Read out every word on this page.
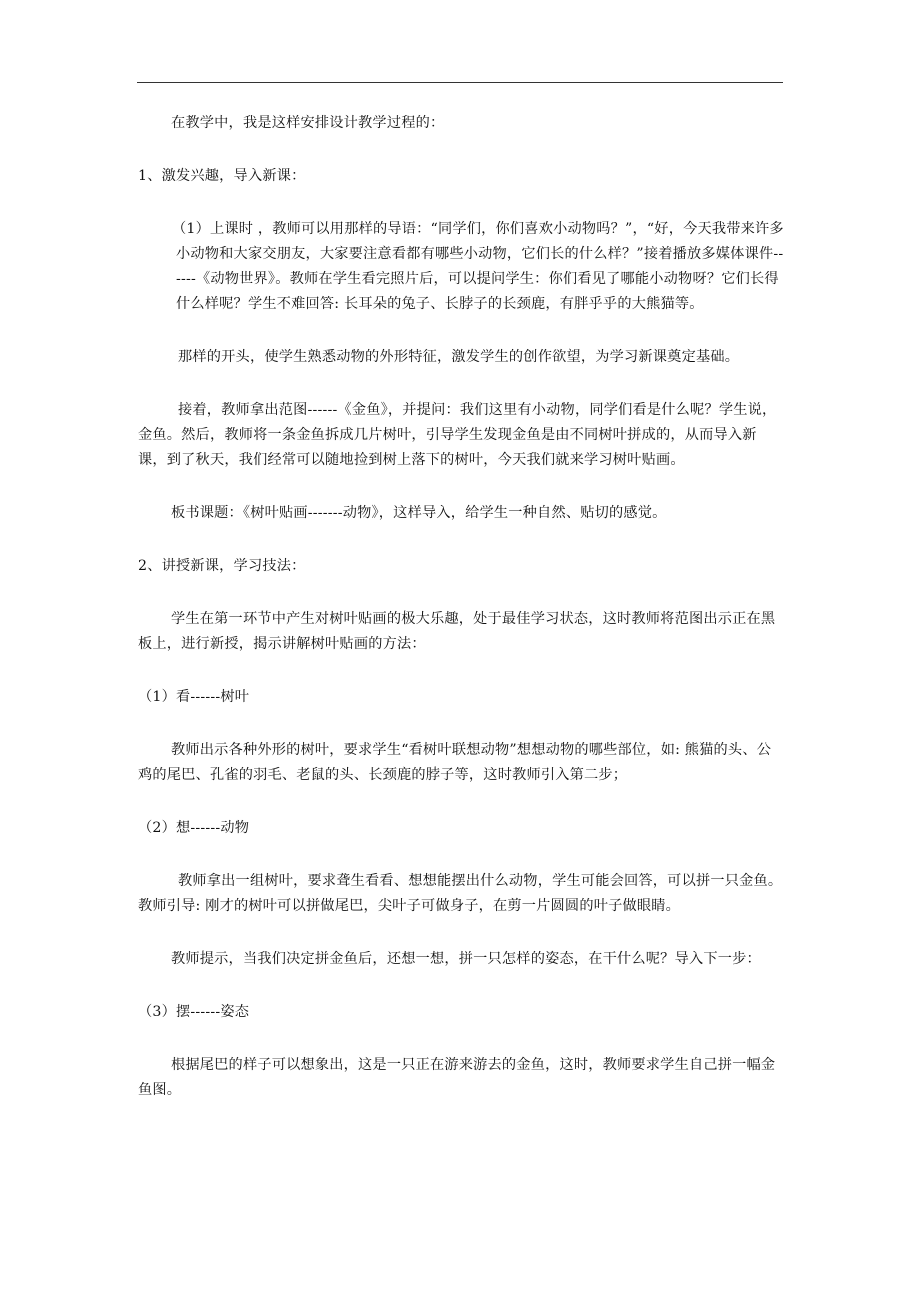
在教学中，我是这样安排设计教学过程的：

1、激发兴趣，导入新课：

（1）上课时 ，教师可以用那样的导语：“同学们，你们喜欢小动物吗？”，“好，今天我带来许多小动物和大家交朋友，大家要注意看都有哪些小动物，它们长的什么样？”接着播放多媒体课件------《动物世界》。教师在学生看完照片后，可以提问学生：你们看见了哪能小动物呀？它们长得什么样呢？学生不难回答: 长耳朵的兔子、长脖子的长颈鹿，有胖乎乎的大熊猫等。

那样的开头，使学生熟悉动物的外形特征，激发学生的创作欲望，为学习新课奠定基础。

接着，教师拿出范图------《金鱼》，并提问：我们这里有小动物，同学们看是什么呢？学生说，金鱼。然后，教师将一条金鱼拆成几片树叶，引导学生发现金鱼是由不同树叶拼成的，从而导入新课，到了秋天，我们经常可以随地捡到树上落下的树叶，今天我们就来学习树叶贴画。

板书课题：《树叶贴画-------动物》，这样导入，给学生一种自然、贴切的感觉。

2、讲授新课，学习技法：

学生在第一环节中产生对树叶贴画的极大乐趣，处于最佳学习状态，这时教师将范图出示正在黑板上，进行新授，揭示讲解树叶贴画的方法：

（1）看------树叶

教师出示各种外形的树叶，要求学生“看树叶联想动物”想想动物的哪些部位，如: 熊猫的头、公鸡的尾巴、孔雀的羽毛、老鼠的头、长颈鹿的脖子等，这时教师引入第二步；

（2）想------动物

教师拿出一组树叶，要求聋生看看、想想能摆出什么动物，学生可能会回答，可以拼一只金鱼。教师引导: 刚才的树叶可以拼做尾巴，尖叶子可做身子，在剪一片圆圆的叶子做眼睛。

教师提示，当我们决定拼金鱼后，还想一想，拼一只怎样的姿态，在干什么呢？导入下一步：

（3）摆------姿态

根据尾巴的样子可以想象出，这是一只正在游来游去的金鱼，这时，教师要求学生自己拼一幅金鱼图。
